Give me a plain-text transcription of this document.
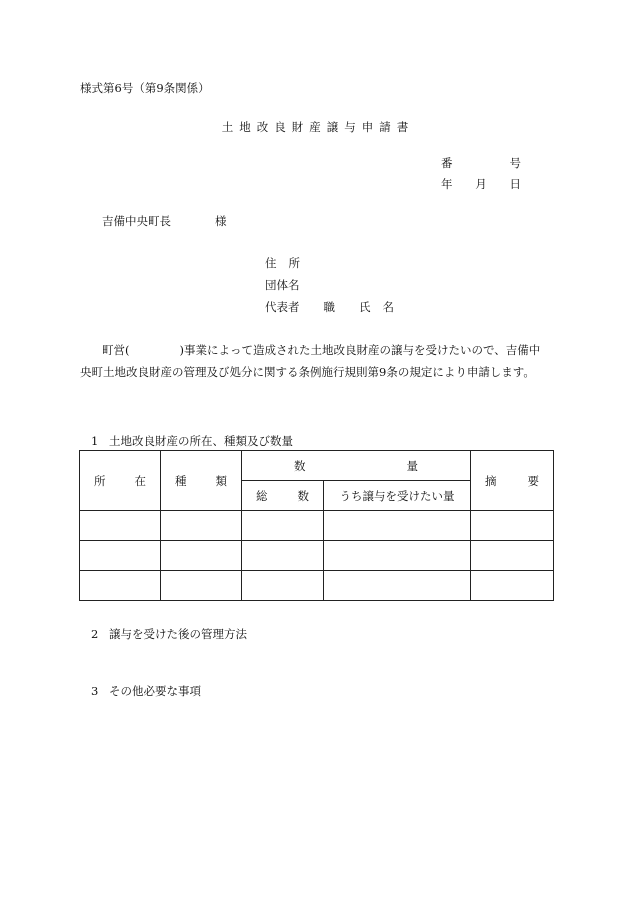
様式第6号（第9条関係）
土地改良財産譲与申請書
番	号
年 月 日
吉備中央町長	様
住 所
団体名
代表者 職 氏 名
町営(	)事業によって造成された土地改良財産の譲与を受けたいので、吉備中央町土地改良財産の管理及び処分に関する条例施行規則第9条の規定により申請します。
1 土地改良財産の所在、種類及び数量
所 在	種 類	数 量		摘 要

		総 数	うち譲与を受けたい量	

2 譲与を受けた後の管理方法
3 その他必要な事項
